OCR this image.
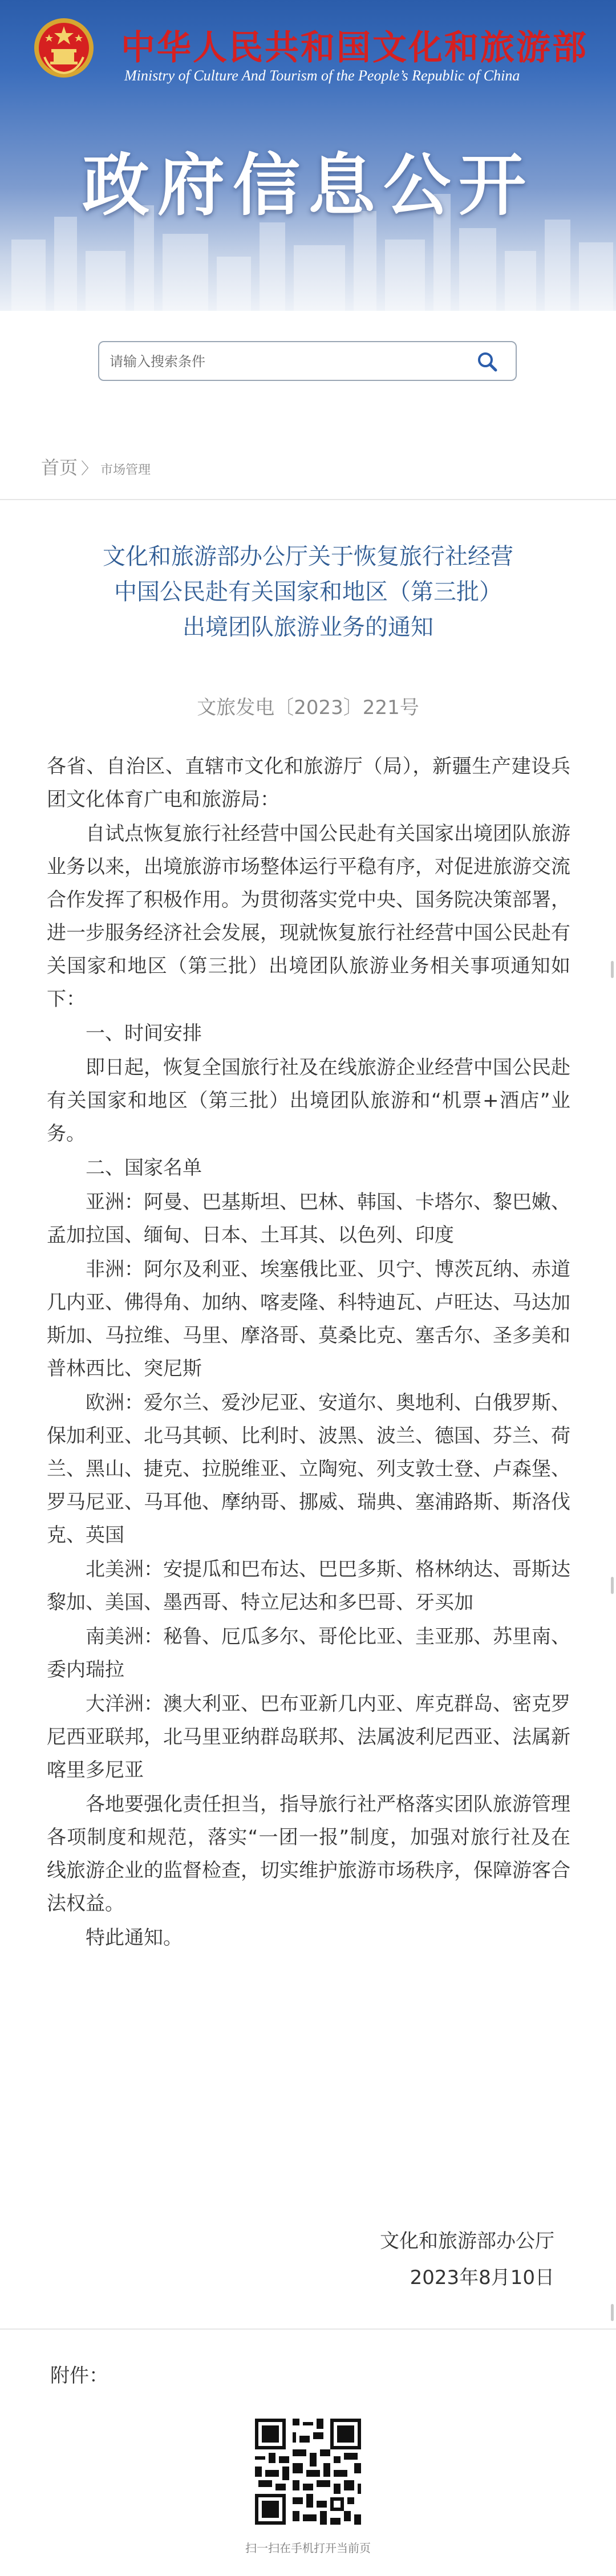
中华人民共和国文化和旅游部
Ministry of Culture And Tourism of the People’s Republic of China
政府信息公开
请输入搜索条件
首页 〉 市场管理
文化和旅游部办公厅关于恢复旅行社经营
中国公民赴有关国家和地区（第三批）
出境团队旅游业务的通知
文旅发电〔2023〕221号

各省、自治区、直辖市文化和旅游厅（局），新疆生产建设兵团文化体育广电和旅游局：

自试点恢复旅行社经营中国公民赴有关国家出境团队旅游业务以来，出境旅游市场整体运行平稳有序，对促进旅游交流合作发挥了积极作用。为贯彻落实党中央、国务院决策部署，进一步服务经济社会发展，现就恢复旅行社经营中国公民赴有关国家和地区（第三批）出境团队旅游业务相关事项通知如下：

一、时间安排

即日起，恢复全国旅行社及在线旅游企业经营中国公民赴有关国家和地区（第三批）出境团队旅游和“机票+酒店”业务。

二、国家名单

亚洲：阿曼、巴基斯坦、巴林、韩国、卡塔尔、黎巴嫩、孟加拉国、缅甸、日本、土耳其、以色列、印度

非洲：阿尔及利亚、埃塞俄比亚、贝宁、博茨瓦纳、赤道几内亚、佛得角、加纳、喀麦隆、科特迪瓦、卢旺达、马达加斯加、马拉维、马里、摩洛哥、莫桑比克、塞舌尔、圣多美和普林西比、突尼斯

欧洲：爱尔兰、爱沙尼亚、安道尔、奥地利、白俄罗斯、保加利亚、北马其顿、比利时、波黑、波兰、德国、芬兰、荷兰、黑山、捷克、拉脱维亚、立陶宛、列支敦士登、卢森堡、罗马尼亚、马耳他、摩纳哥、挪威、瑞典、塞浦路斯、斯洛伐克、英国

北美洲：安提瓜和巴布达、巴巴多斯、格林纳达、哥斯达黎加、美国、墨西哥、特立尼达和多巴哥、牙买加

南美洲：秘鲁、厄瓜多尔、哥伦比亚、圭亚那、苏里南、委内瑞拉

大洋洲：澳大利亚、巴布亚新几内亚、库克群岛、密克罗尼西亚联邦，北马里亚纳群岛联邦、法属波利尼西亚、法属新喀里多尼亚

各地要强化责任担当，指导旅行社严格落实团队旅游管理各项制度和规范，落实“一团一报”制度，加强对旅行社及在线旅游企业的监督检查，切实维护旅游市场秩序，保障游客合法权益。

特此通知。

文化和旅游部办公厅
2023年8月10日
附件：
扫一扫在手机打开当前页
